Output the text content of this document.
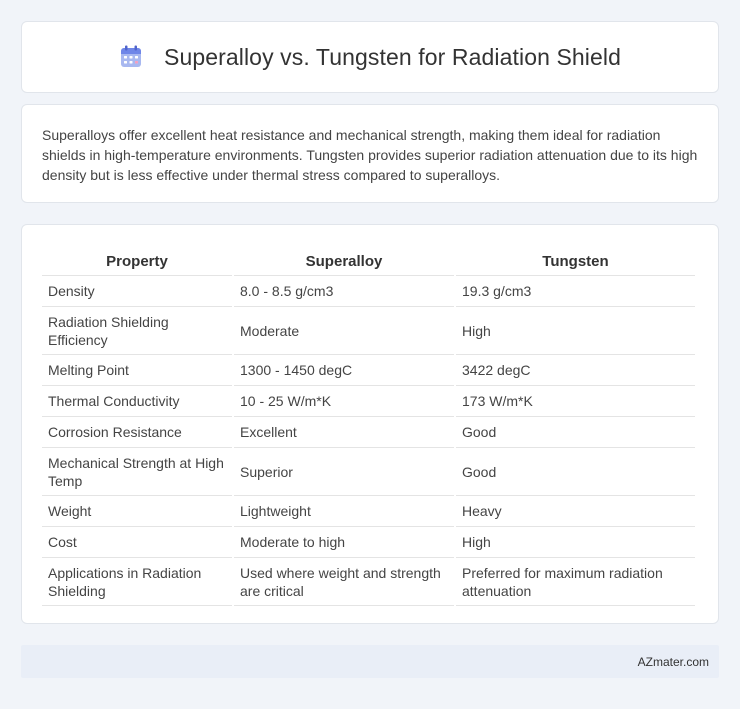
Superalloy vs. Tungsten for Radiation Shield

Superalloys offer excellent heat resistance and mechanical strength, making them ideal for radiation shields in high-temperature environments. Tungsten provides superior radiation attenuation due to its high density but is less effective under thermal stress compared to superalloys.

Property	Superalloy	Tungsten
Density	8.0 - 8.5 g/cm3	19.3 g/cm3
Radiation Shielding Efficiency	Moderate	High
Melting Point	1300 - 1450 degC	3422 degC
Thermal Conductivity	10 - 25 W/m*K	173 W/m*K
Corrosion Resistance	Excellent	Good
Mechanical Strength at High Temp	Superior	Good
Weight	Lightweight	Heavy
Cost	Moderate to high	High
Applications in Radiation Shielding	Used where weight and strength are critical	Preferred for maximum radiation attenuation
AZmater.com
